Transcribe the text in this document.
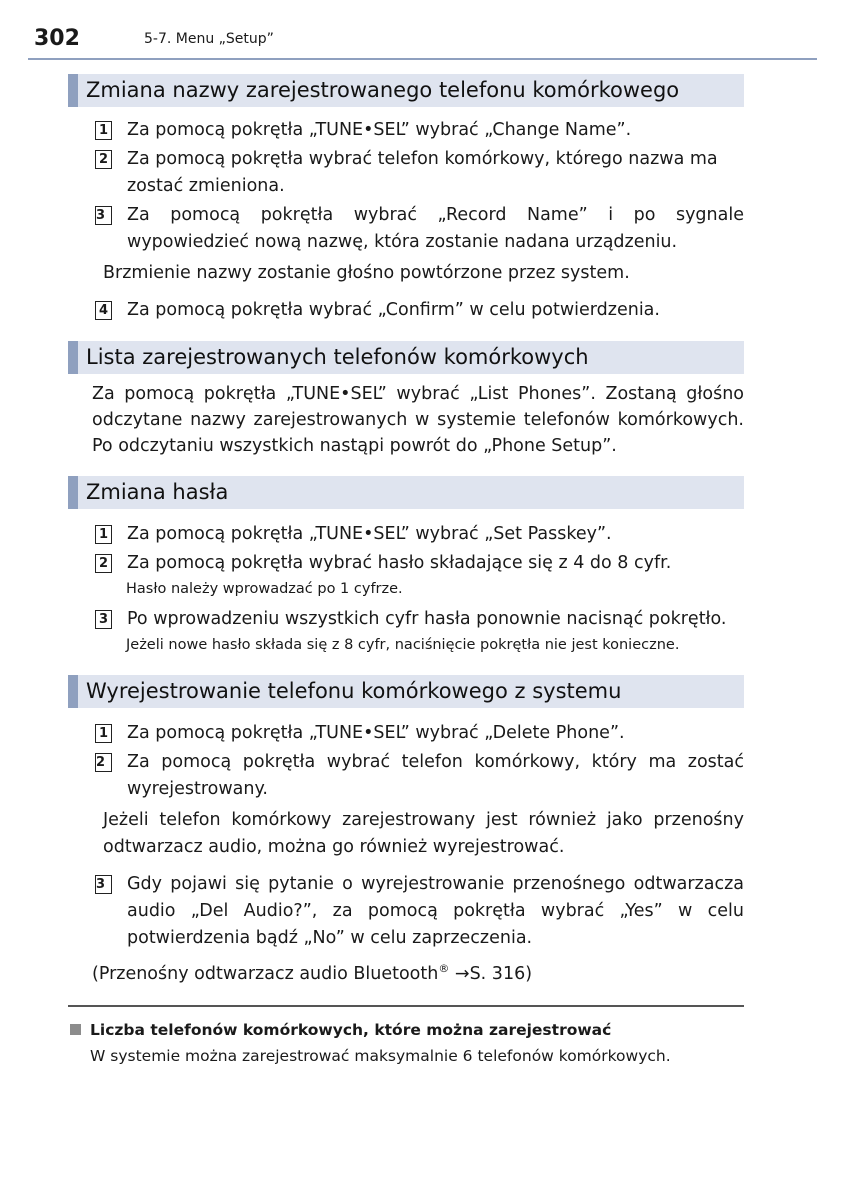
302	5-7. Menu „Setup”
Zmiana nazwy zarejestrowanego telefonu komórkowego
1 Za pomocą pokrętła „TUNE•SEL” wybrać „Change Name”.
2 Za pomocą pokrętła wybrać telefon komórkowy, którego nazwa ma zostać zmieniona.
3	Za pomocą pokrętła wybrać „Record Name” i po sygnale wypowiedzieć nową nazwę, która zostanie nadana urządzeniu.
Brzmienie nazwy zostanie głośno powtórzone przez system.
4 Za pomocą pokrętła wybrać „Confirm” w celu potwierdzenia.
Lista zarejestrowanych telefonów komórkowych
Za pomocą pokrętła „TUNE•SEL” wybrać „List Phones”. Zostaną głośno odczytane nazwy zarejestrowanych w systemie telefonów komórkowych. Po odczytaniu wszystkich nastąpi powrót do „Phone Setup”.
Zmiana hasła
1 Za pomocą pokrętła „TUNE•SEL” wybrać „Set Passkey”.
2 Za pomocą pokrętła wybrać hasło składające się z 4 do 8 cyfr.
Hasło należy wprowadzać po 1 cyfrze.
3 Po wprowadzeniu wszystkich cyfr hasła ponownie nacisnąć pokrętło.
Jeżeli nowe hasło składa się z 8 cyfr, naciśnięcie pokrętła nie jest konieczne.
Wyrejestrowanie telefonu komórkowego z systemu
1 Za pomocą pokrętła „TUNE•SEL” wybrać „Delete Phone”.
2	Za pomocą pokrętła wybrać telefon komórkowy, który ma zostać wyrejestrowany.
Jeżeli telefon komórkowy zarejestrowany jest również jako przenośny odtwarzacz audio, można go również wyrejestrować.
3	Gdy pojawi się pytanie o wyrejestrowanie przenośnego odtwarzacza audio „Del Audio?”, za pomocą pokrętła wybrać „Yes” w celu potwierdzenia bądź „No” w celu zaprzeczenia.
(Przenośny odtwarzacz audio Bluetooth® →S. 316)
Liczba telefonów komórkowych, które można zarejestrować
W systemie można zarejestrować maksymalnie 6 telefonów komórkowych.
